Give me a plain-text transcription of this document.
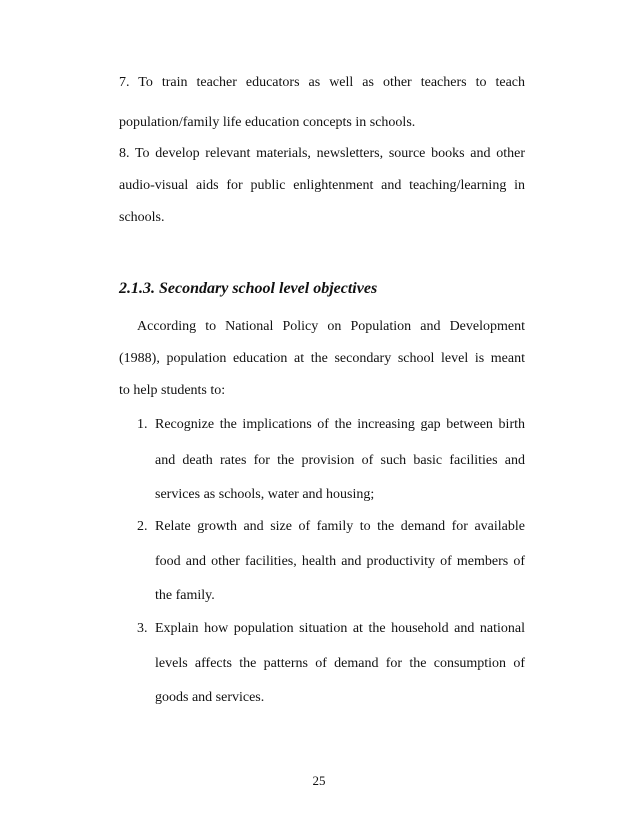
7. To train teacher educators as well as other teachers to teach
population/family life education concepts in schools.
8. To develop relevant materials, newsletters, source books and other
audio-visual aids for public enlightenment and teaching/learning in
schools.
2.1.3. Secondary school level objectives
According to National Policy on Population and Development
(1988), population education at the secondary school level is meant
to help students to:
1. Recognize the implications of the increasing gap between birth
and death rates for the provision of such basic facilities and
services as schools, water and housing;
2. Relate growth and size of family to the demand for available
food and other facilities, health and productivity of members of
the family.
3. Explain how population situation at the household and national
levels affects the patterns of demand for the consumption of
goods and services.
25
